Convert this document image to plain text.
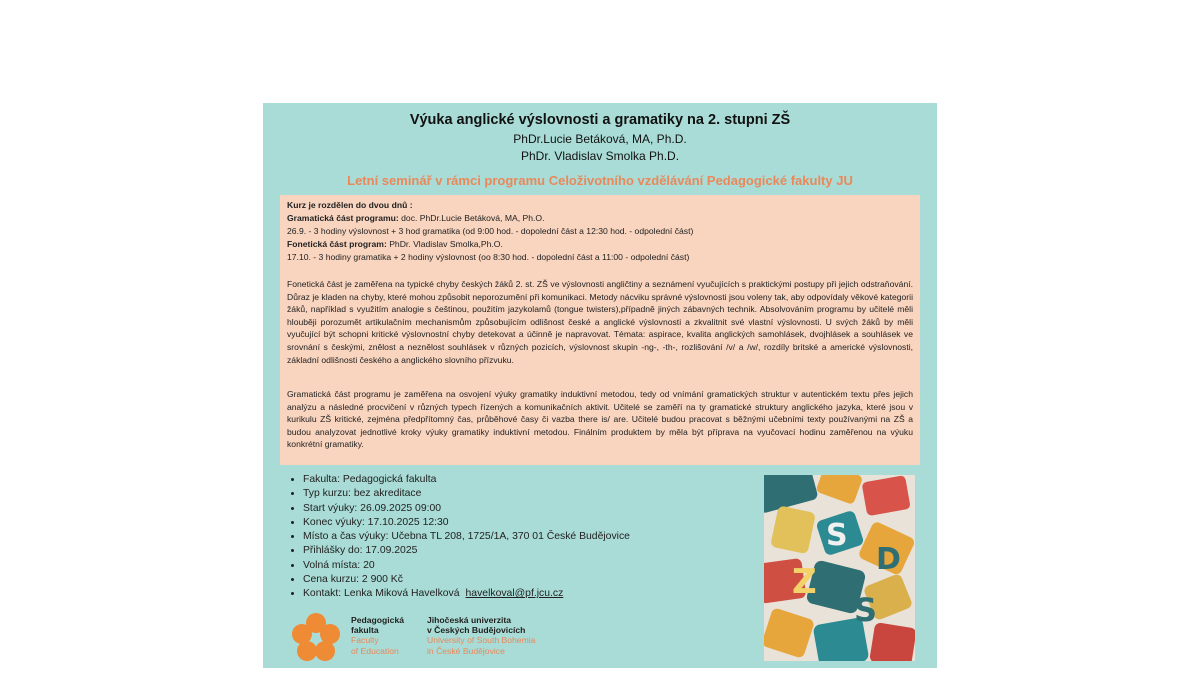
Výuka anglické výslovnosti a gramatiky na 2. stupni ZŠ
PhDr.Lucie Betáková, MA, Ph.D.
PhDr. Vladislav Smolka Ph.D.
Letní seminář v rámci programu Celoživotního vzdělávání Pedagogické fakulty JU
Kurz je rozdělen do dvou dnů :
Gramatická část programu: doc. PhDr.Lucie Betáková, MA, Ph.O.
26.9. - 3 hodiny výslovnost + 3 hod gramatika (od 9:00 hod. - dopolední část a 12:30 hod. - odpolední část)
Fonetická část program: PhDr. Vladislav Smolka,Ph.O.
17.10. - 3 hodiny gramatika + 2 hodiny výslovnost (oo 8:30 hod. - dopolední část a 11:00 - odpolední část)
Fonetická část je zaměřena na typické chyby českých žáků 2. st. ZŠ ve výslovnosti angličtiny a seznámení vyučujících s praktickými postupy při jejich odstraňování. Důraz je kladen na chyby, které mohou způsobit neporozumění při komunikaci. Metody nácviku správné výslovnosti jsou voleny tak, aby odpovídaly věkové kategorii žáků, například s využitím analogie s češtinou, použitím jazykolamů (tongue twisters),případně jiných zábavných technik. Absolvováním programu by učitelé měli hlouběji porozumět artikulačním mechanismům způsobujícím odlišnost české a anglické výslovnosti a zkvalitnit své vlastní výslovnosti. U svých žáků by měli vyučující být schopni kritické výslovnostní chyby detekovat a účinně je napravovat. Témata: aspirace, kvalita anglických samohlásek, dvojhlásek a souhlásek ve srovnání s českými, znělost a neznělost souhlásek v různých pozicích, výslovnost skupin -ng-, -th-, rozlišování /v/ a /w/, rozdíly britské a americké výslovnosti, základní odlišnosti českého a anglického slovního přízvuku.
Gramatická část programu je zaměřena na osvojení výuky gramatiky induktivní metodou, tedy od vnímání gramatických struktur v autentickém textu přes jejich analýzu a následné procvičení v různých typech řízených a komunikačních aktivit. Učitelé se zaměří na ty gramatické struktury anglického jazyka, které jsou v kurikulu ZŠ kritické, zejména předpřítomný čas, průběhové časy či vazba there is/ are. Učitelé budou pracovat s běžnými učebními texty používanými na ZŠ a budou analyzovat jednotlivé kroky výuky gramatiky induktivní metodou. Finálním produktem by měla být příprava na vyučovací hodinu zaměřenou na výuku konkrétní gramatiky.
• Fakulta: Pedagogická fakulta
• Typ kurzu: bez akreditace
• Start výuky: 26.09.2025 09:00
• Konec výuky: 17.10.2025 12:30
• Místo a čas výuky: Učebna TL 208, 1725/1A, 370 01 České Budějovice
• Přihlášky do: 17.09.2025
• Volná místa: 20
• Cena kurzu: 2 900 Kč
• Kontakt: Lenka Miková Havelková havelkoval@pf.jcu.cz	Z
S
D
S
Pedagogická
fakulta
Faculty
of Education
Jihočeská univerzita
v Českých Budějovicích
University of South Bohemia
in České Budějovice
